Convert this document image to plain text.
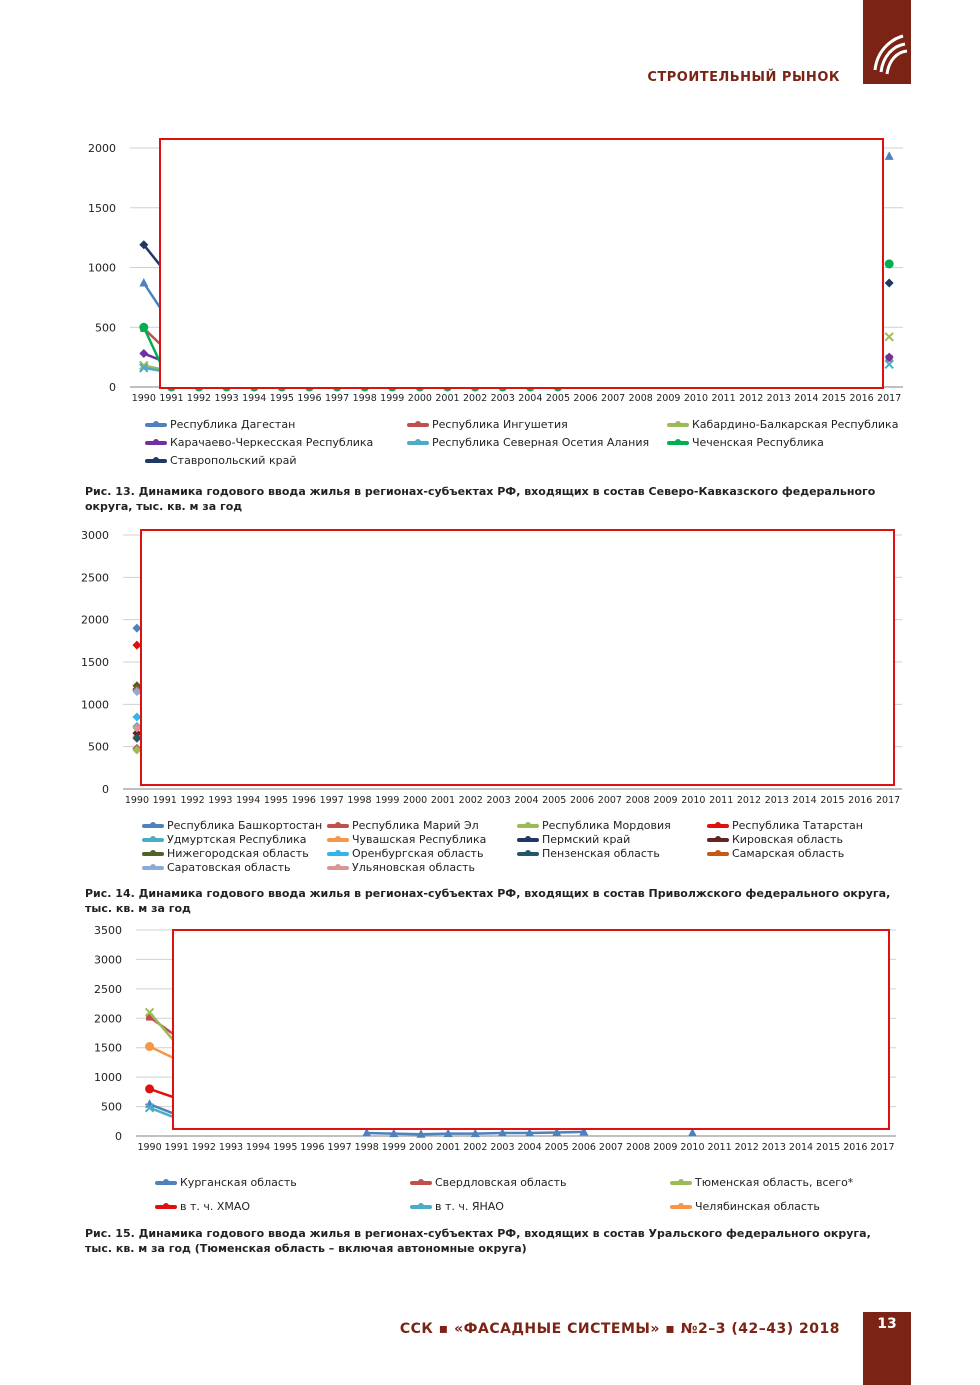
СТРОИТЕЛЬНЫЙ РЫНОК
0
500
1000
1500
2000
1990 1991 1992 1993 1994 1995 1996 1997 1998 1999 2000 2001 2002 2003 2004 2005 2006 2007 2008 2009 2010 2011 2012 2013 2014 2015 2016 2017
Республика Дагестан	Республика Ингушетия	Кабардино-Балкарская Республика
Карачаево-Черкесская Республика	Республика Северная Осетия Алания	Чеченская Республика
Ставропольский край
Рис. 13. Динамика годового ввода жилья в регионах-субъектах РФ, входящих в состав Северо-Кавказского федерального округа, тыс. кв. м за год
0
500
1000
1500
2000
2500
3000
1990 1991 1992 1993 1994 1995 1996 1997 1998 1999 2000 2001 2002 2003 2004 2005 2006 2007 2008 2009 2010 2011 2012 2013 2014 2015 2016 2017
Республика Башкортостан	Республика Марий Эл	Республика Мордовия	Республика Татарстан
Удмуртская Республика	Чувашская Республика	Пермский край	Кировская область
Нижегородская область	Оренбургская область	Пензенская область	Самарская область
Саратовская область	Ульяновская область
Рис. 14. Динамика годового ввода жилья в регионах-субъектах РФ, входящих в состав Приволжского федерального округа, тыс. кв. м за год
0
500
1000
1500
2000
2500
3000
3500
1990 1991 1992 1993 1994 1995 1996 1997 1998 1999 2000 2001 2002 2003 2004 2005 2006 2007 2008 2009 2010 2011 2012 2013 2014 2015 2016 2017
Курганская область	Свердловская область	Тюменская область, всего*
в т. ч. ХМАО	в т. ч. ЯНАО	Челябинская область
Рис. 15. Динамика годового ввода жилья в регионах-субъектах РФ, входящих в состав Уральского федерального округа, тыс. кв. м за год (Тюменская область – включая автономные округа)
ССК ▪ «ФАСАДНЫЕ СИСТЕМЫ» ▪ №2–3 (42–43) 2018	13
